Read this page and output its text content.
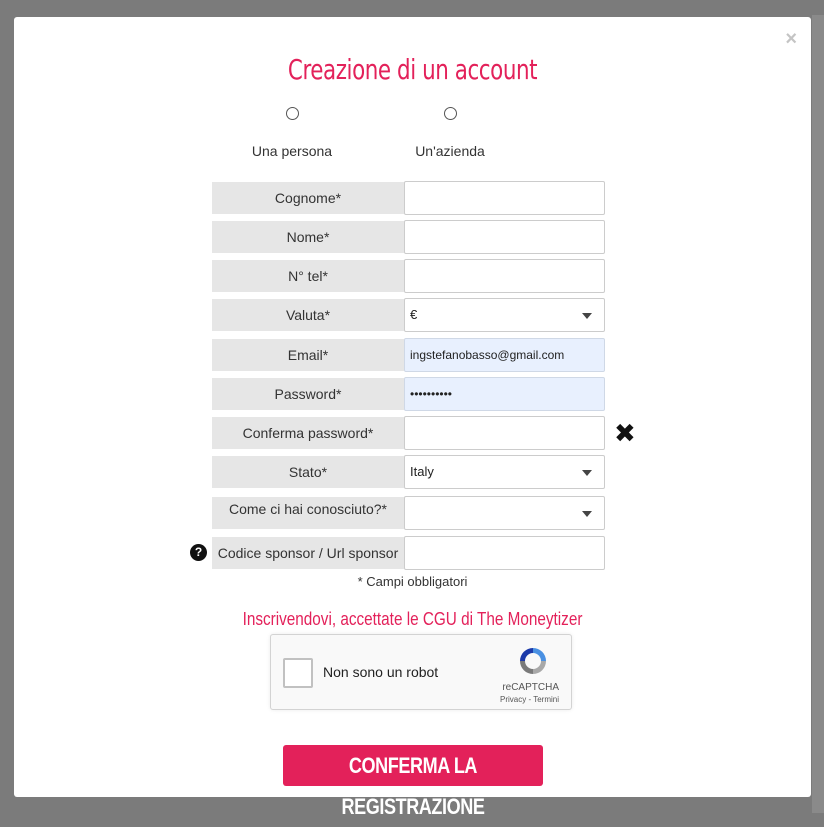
×
Creazione di un account
Una persona	Un'azienda
Cognome*
Nome*
N° tel*
Valuta*	€
Email*	ingstefanobasso@gmail.com
Password*	••••••••••
Conferma password*	✖
Stato*	Italy
Come ci hai conosciuto?*
?	Codice sponsor / Url sponsor
* Campi obbligatori
Inscrivendovi, accettate le CGU di The Moneytizer
Non sono un robot
reCAPTCHA
Privacy - Termini
CONFERMA LA REGISTRAZIONE
